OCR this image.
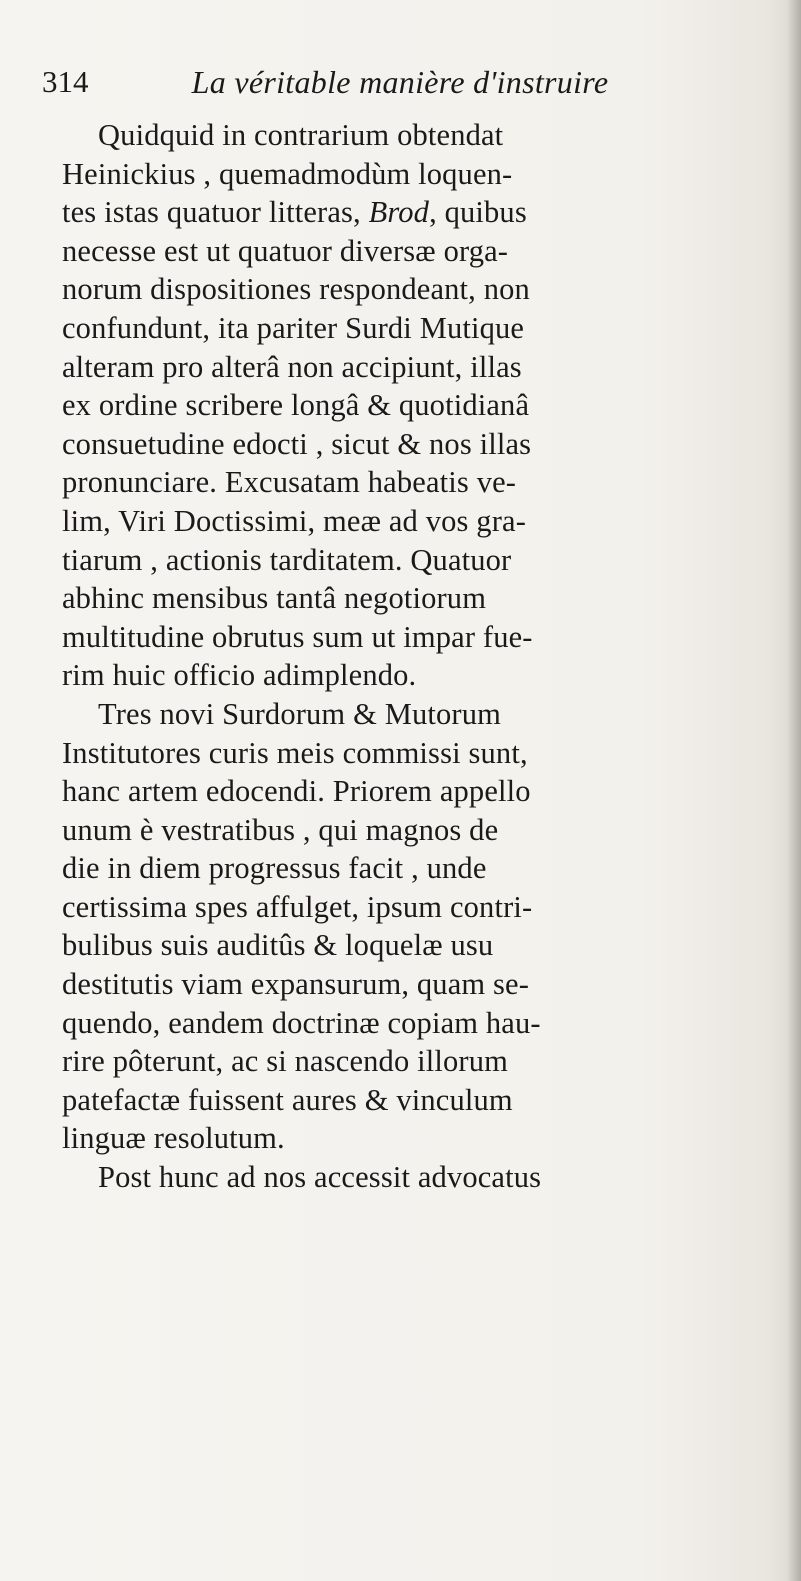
314	La véritable manière d'instruire
Quidquid in contrarium obtendat
Heinickius , quemadmodùm loquen-
tes istas quatuor litteras, Brod, quibus
necesse est ut quatuor diversæ orga-
norum dispositiones respondeant, non
confundunt, ita pariter Surdi Mutique
alteram pro alterâ non accipiunt, illas
ex ordine scribere longâ & quotidianâ
consuetudine edocti , sicut & nos illas
pronunciare. Excusatam habeatis ve-
lim, Viri Doctissimi, meæ ad vos gra-
tiarum , actionis tarditatem. Quatuor
abhinc mensibus tantâ negotiorum
multitudine obrutus sum ut impar fue-
rim huic officio adimplendo.
Tres novi Surdorum & Mutorum
Institutores curis meis commissi sunt,
hanc artem edocendi. Priorem appello
unum è vestratibus , qui magnos de
die in diem progressus facit , unde
certissima spes affulget, ipsum contri-
bulibus suis auditûs & loquelæ usu
destitutis viam expansurum, quam se-
quendo, eandem doctrinæ copiam hau-
rire pôterunt, ac si nascendo illorum
patefactæ fuissent aures & vinculum
linguæ resolutum.
Post hunc ad nos accessit advocatus
